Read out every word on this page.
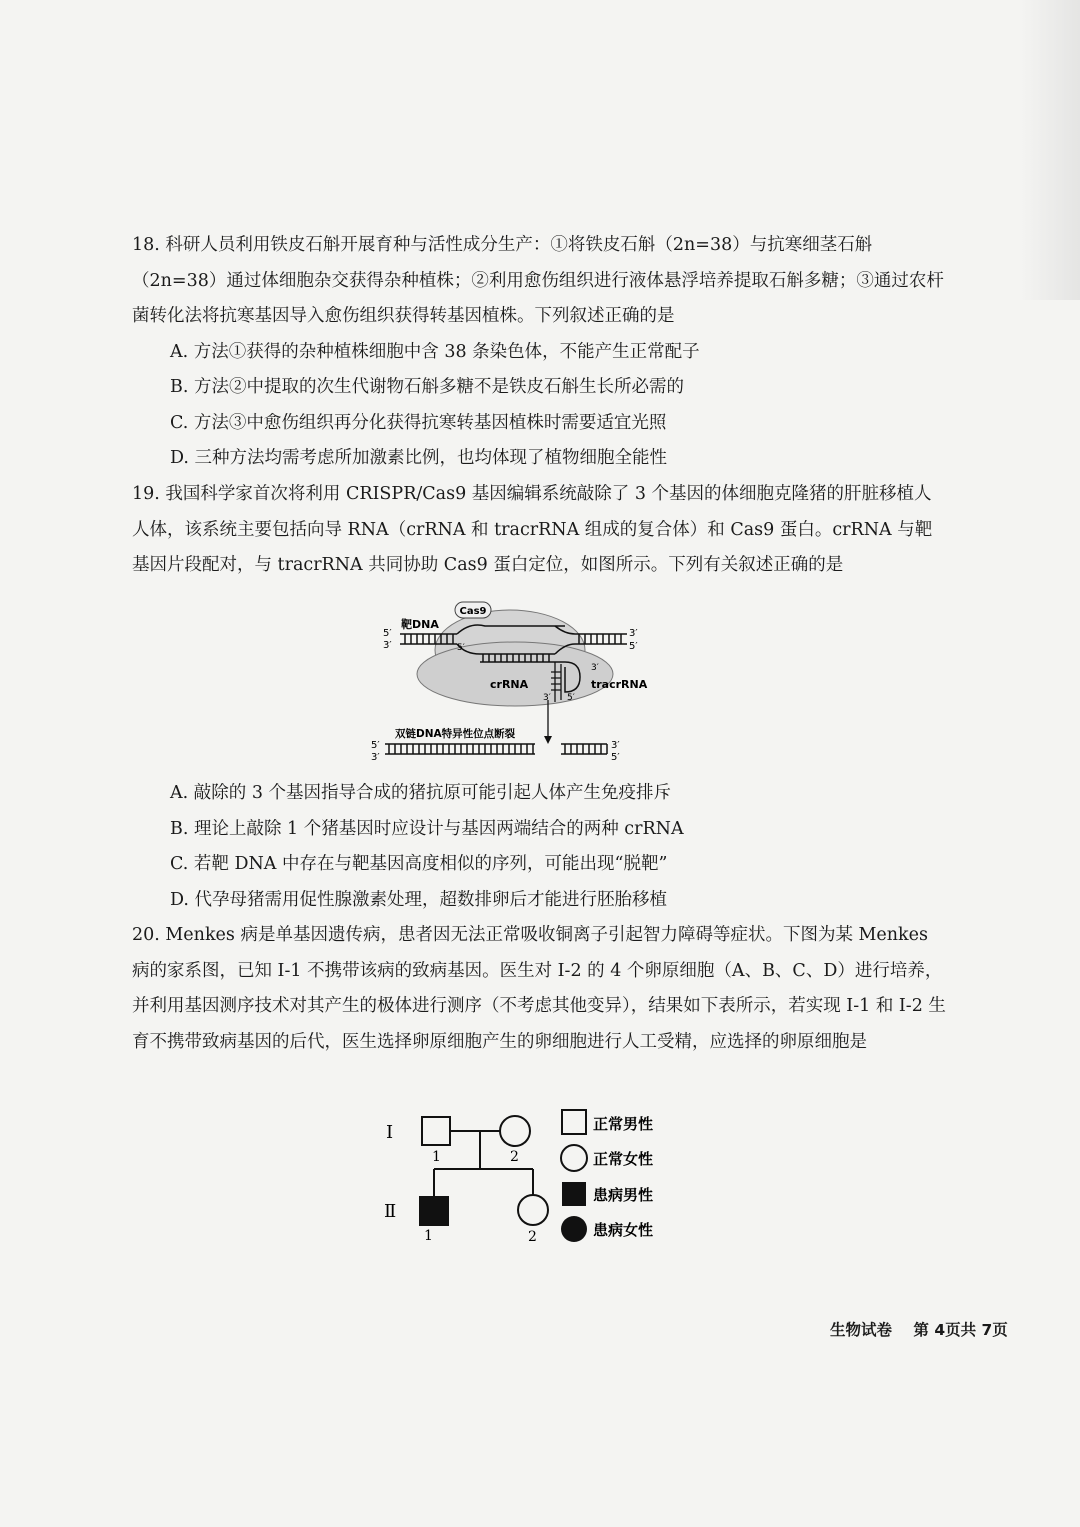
18. 科研人员利用铁皮石斛开展育种与活性成分生产：①将铁皮石斛（2n=38）与抗寒细茎石斛（2n=38）通过体细胞杂交获得杂种植株；②利用愈伤组织进行液体悬浮培养提取石斛多糖；③通过农杆菌转化法将抗寒基因导入愈伤组织获得转基因植株。下列叙述正确的是

A. 方法①获得的杂种植株细胞中含 38 条染色体，不能产生正常配子

B. 方法②中提取的次生代谢物石斛多糖不是铁皮石斛生长所必需的

C. 方法③中愈伤组织再分化获得抗寒转基因植株时需要适宜光照

D. 三种方法均需考虑所加激素比例，也均体现了植物细胞全能性

19. 我国科学家首次将利用 CRISPR/Cas9 基因编辑系统敲除了 3 个基因的体细胞克隆猪的肝脏移植人人体，该系统主要包括向导 RNA（crRNA 和 tracrRNA 组成的复合体）和 Cas9 蛋白。crRNA 与靶基因片段配对，与 tracrRNA 共同协助 Cas9 蛋白定位，如图所示。下列有关叙述正确的是

Cas9
靶DNA
5′
3′
3′
5′
5′
3′
3′ 5′
crRNA	tracrRNA
双链DNA特异性位点断裂
5′
3′
3′
5′

A. 敲除的 3 个基因指导合成的猪抗原可能引起人体产生免疫排斥

B. 理论上敲除 1 个猪基因时应设计与基因两端结合的两种 crRNA

C. 若靶 DNA 中存在与靶基因高度相似的序列，可能出现“脱靶”

D. 代孕母猪需用促性腺激素处理，超数排卵后才能进行胚胎移植

20. Menkes 病是单基因遗传病，患者因无法正常吸收铜离子引起智力障碍等症状。下图为某 Menkes 病的家系图，已知 I-1 不携带该病的致病基因。医生对 I-2 的 4 个卵原细胞（A、B、C、D）进行培养，并利用基因测序技术对其产生的极体进行测序（不考虑其他变异），结果如下表所示，若实现 I-1 和 I-2 生育不携带致病基因的后代，医生选择卵原细胞产生的卵细胞进行人工受精，应选择的卵原细胞是

I
Ⅱ
1	2
1	2
正常男性
正常女性
患病男性
患病女性
生物试卷 第 4页共 7页
